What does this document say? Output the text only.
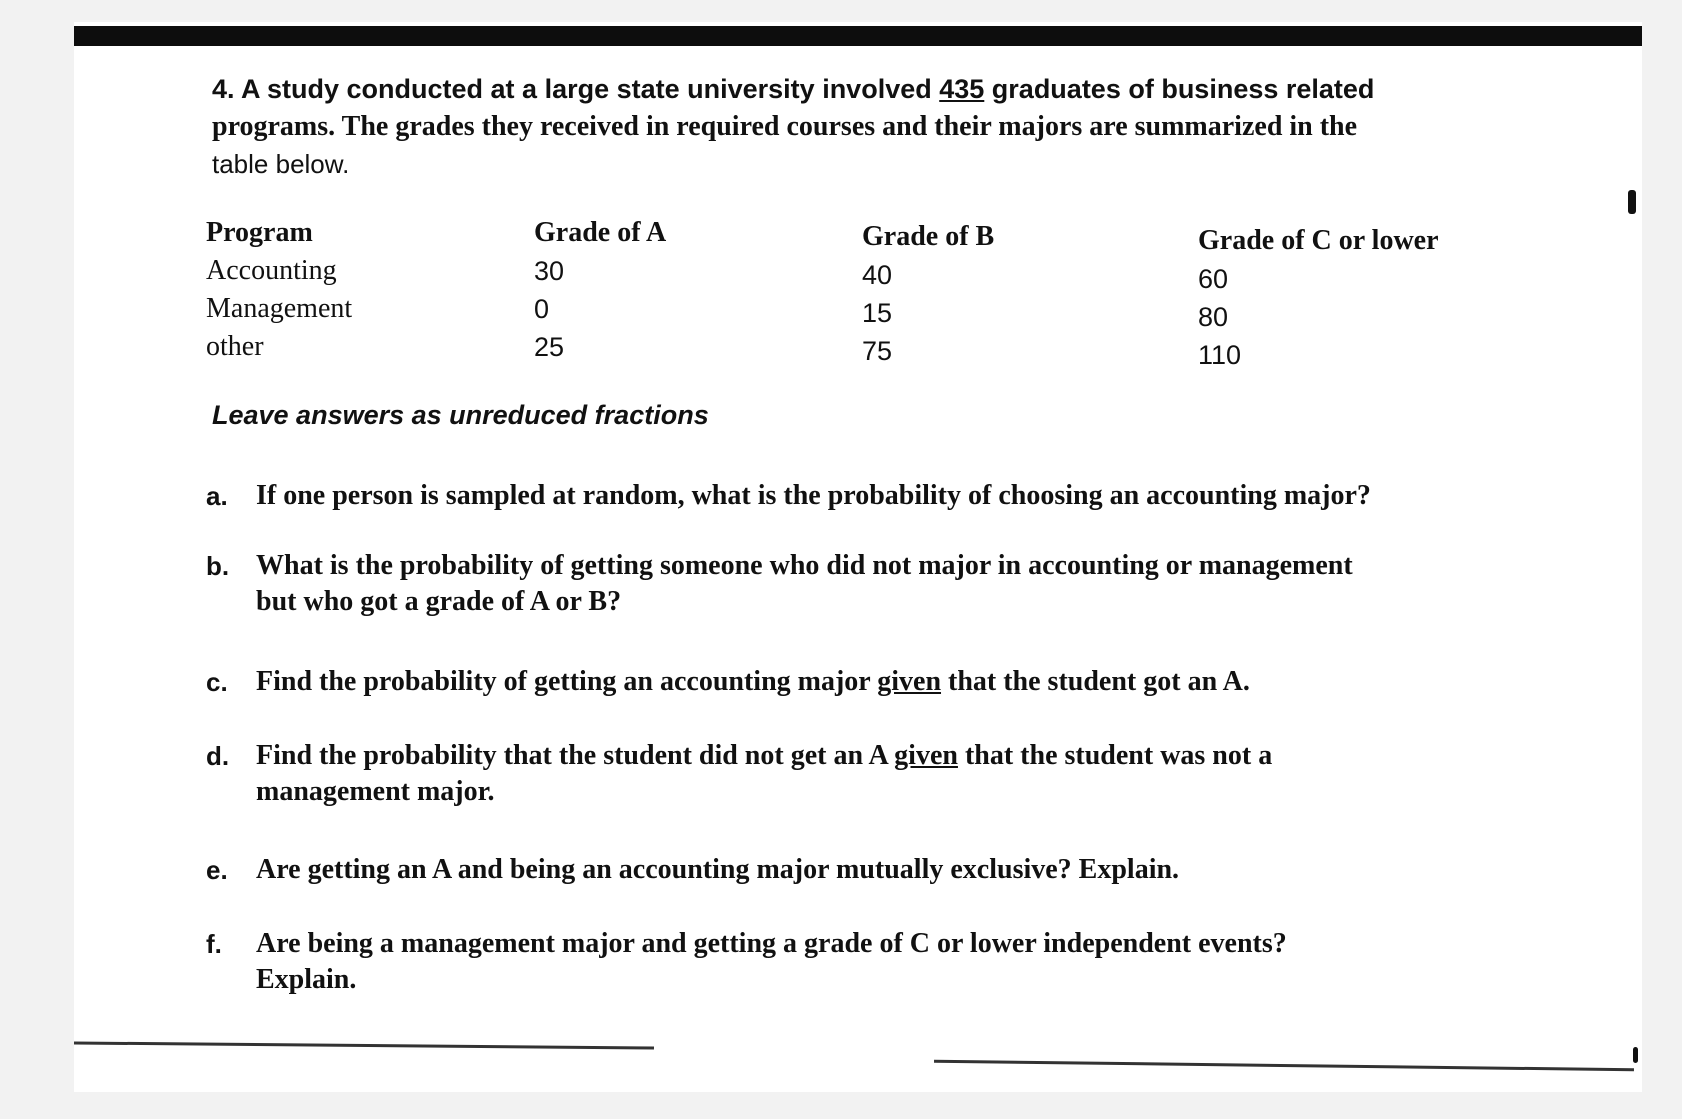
4. A study conducted at a large state university involved 435 graduates of business related
programs. The grades they received in required courses and their majors are summarized in the
table below.
Program
Accounting
Management
other
Grade of A
30
0
25
Grade of B
40
15
75
Grade of C or lower
60
80
110
Leave answers as unreduced fractions
a. If one person is sampled at random, what is the probability of choosing an accounting major?
b. What is the probability of getting someone who did not major in accounting or management
but who got a grade of A or B?
c. Find the probability of getting an accounting major given that the student got an A.
d. Find the probability that the student did not get an A given that the student was not a
management major.
e. Are getting an A and being an accounting major mutually exclusive? Explain.
f. Are being a management major and getting a grade of C or lower independent events?
Explain.
